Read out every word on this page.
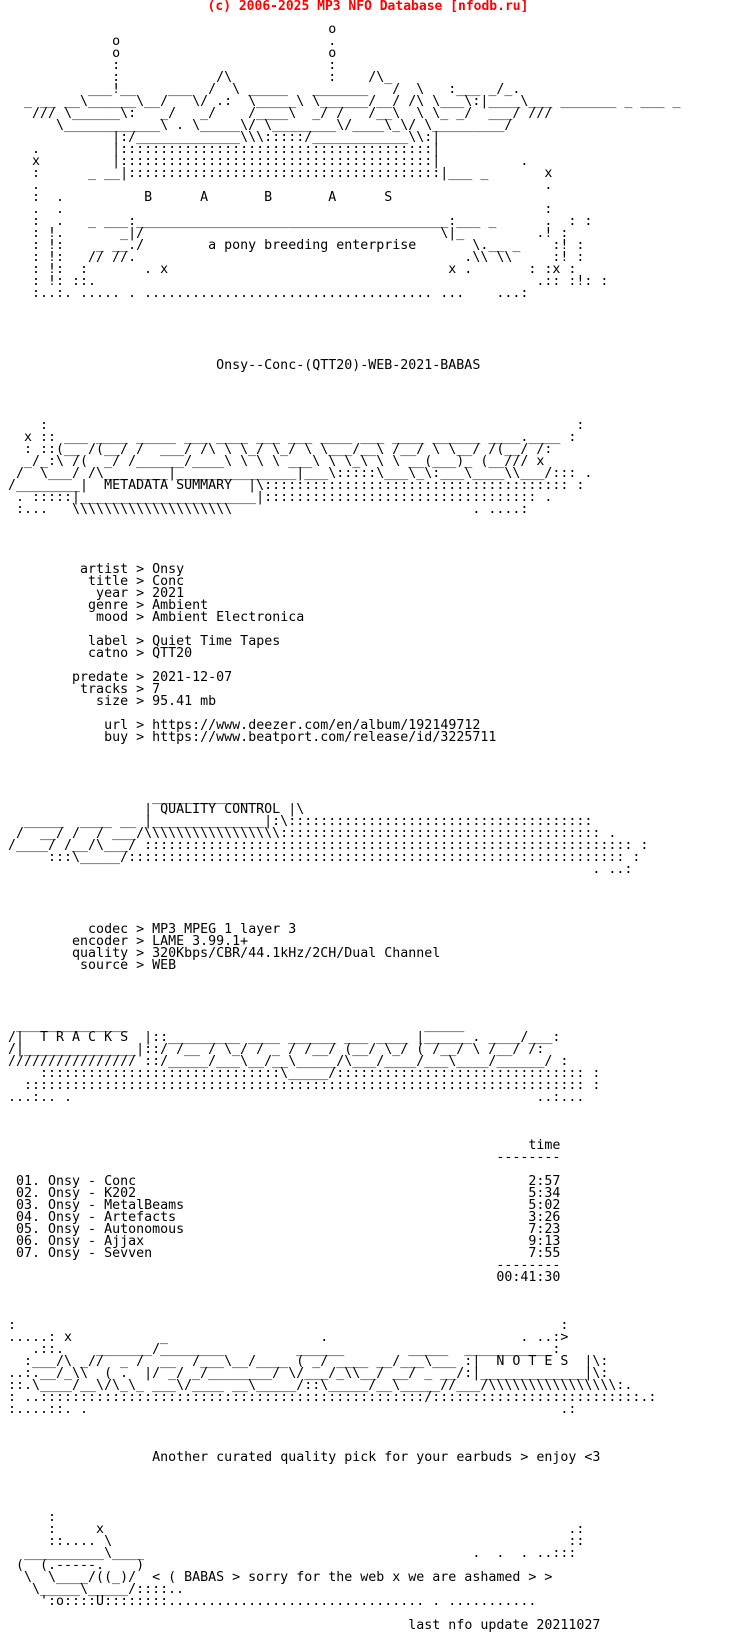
(c) 2006-2025 MP3 NFO Database [nfodb.ru]

o
o                          .
o                          o
:                          :
:            /\            :    /\_
___!__    ___  /  \ _____   _______   /  \   :___ _/_.
_ __ __\______\__/   \/ .:  \_____\ \______/__/ /\ \___\:|____\___ _______ _ ___ _
/// \______\:   _/   _/    /____\  _/ /   /__\  \ \_ _/  ___/ ///
\____________\ . \_____\/ \________\/____\_\/ \_________/
|:/_____________\\\:::::/____________\\:|
.         |:::::::::::::::::::::::::::::::::::::::|
x         |:::::::::::::::::::::::::::::::::::::::|          .
:      _ __|:::::::::::::::::::::::::::::::::::::::|___ _       x
.                                                               .
:  .          B      A       B       A      S
.  .                                                            :
:  .   _ ___:_______________________________________:___ _      .  : :
: !.       _|/                                     \|_         .! :
: !:    _ __./        a pony breeding enterprise       \.__ _    :! :
: !:   // //.                                         .\\ \\     :! :
: !:  :       . x                                   x .       : :x :
: !: ::.                                                       .:: :!: :
:..:. ..... . .................................... ...    ...:

Onsy--Conc-(QTT20)-WEB-2021-BABAS

:                                                                  :
x :: ___ ____ _____ ___ ____ ___ ___ ____ ___ ____ ______ ____.____ :
: ::(__ /(__/ /  ___/ /\ \ \_/ \_/ \ \___/__\ /__/ \ \__/ /(__/ /:
_/_:\ /(  _/ /______/____\ \ \ \ ___\ \ \_\ \ \ __(___)_ (__/// x
/  \___/ /\___ ____|_______________|___\:::::\___\_\:___\____\\___/::: .
/________|  METADATA SUMMARY  |\:::::::::::::::::::::::::::::::::::::: :
. :::::|______________________|:::::::::::::::::::::::::::::::::: .
:...   \\\\\\\\\\\\\\\\\\\\                              . ....:

artist > Onsy
title > Conc
year > 2021
genre > Ambient
mood > Ambient Electronica

label > Quiet Time Tapes
catno > QTT20

predate > 2021-12-07
tracks > 7
size > 95.41 mb

url > https://www.deezer.com/en/album/192149712
buy > https://www.beatport.com/release/id/3225711

______________
| QUALITY CONTROL |\
_____  ____ __ |______________|:\::::::::::::::::::::::::::::::::::::::
/  __/ /  / ___/\\\\\\\\\\\\\\\\\:::::::::::::::::::::::::::::::::::::::: .
/____/ /__/\___/ ::::::::::::::::::::::::::::::::::::::::::::::::::::::::::::: :
:::\_____/:::::::::::::::::::::::::::::::::::::::::::::::::::::::::::::: :
. ..:

codec > MP3 MPEG 1 layer 3
encoder > LAME 3.99.1+
quality > 320Kbps/CBR/44.1kHz/2CH/Dual Channel
source > WEB

______________                                     _____
/|  T R A C K S  |::_________ ____ ______ ___ ____ |______. ____/___:
/|______________|::/ /__ / \_/ / _ / /__/ (__/ \_/ ( /__/ \ /__/ /:
//////////////// ::/_____/___\__/__\_____/\___/____/___\____/______/ :
::::::::::::::::::::::::::::::\_____/::::::::::::::::::::::::::::::: :
:::::::::::::::::::::::::::::::::::::::::::::::::::::::::::::::::::::: :
...:.. .                                                          ..:...

time
--------

01. Onsy - Conc	2:57
02. Onsy - K202	5:34
03. Onsy - MetalBeams	5:02
04. Onsy - Artefacts	3:26
05. Onsy - Autonomous	7:23
06. Onsy - Ajjax	9:13
07. Onsy - Sevven	7:55
--------
00:41:30

:                                                                    :
.....: x           _                   .                        . ..:>
.::.    _______/________         ______        _____  ___________:
:___/\ _//  _ /  __  /___\__/____ ( _/ ____ __/___\___ :|  N O T E S  |\:
..:.__/_\\  ( .  |/ _/ _/________/ \/___/_\\__/ __/ _ __/:|_____________|\:
::.\____/__\/\_\_ ___\/____ __\_____/::\_____/__\_____//___/\\\\\\\\\\\\\\\\:.
: ..::::::::::::::::::::::::::::::::::::::::::::::::/::::::::::::::::::::::::::.:
:....::. .                                                           .:

Another curated quality pick for your earbuds > enjoy <3

:
:     x                                                          .:
::.... \                                                         ::
__________\____                                         .  .  . ..:::
(  (.-----.    )
\  \____/((_)/  < ( BABAS > sorry for the web x we are ashamed > >
\_____\_____/::::..
':o::::U::::::::................................ . ...........

last nfo update 20211027
